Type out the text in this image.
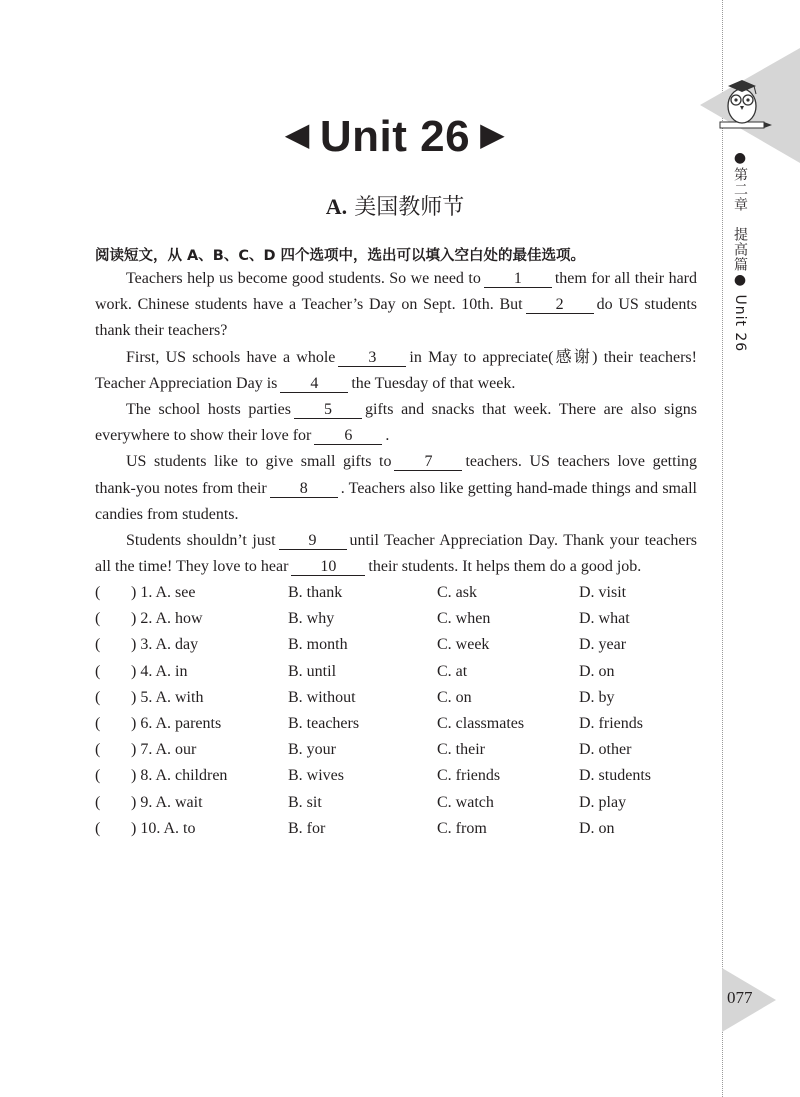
●第二章　提高篇● Unit 26
077
◀ Unit 26 ▶
A. 美国教师节
阅读短文，从 A、B、C、D 四个选项中，选出可以填入空白处的最佳选项。

Teachers help us become good students. So we need to 1 them for all their hard work. Chinese students have a Teacher’s Day on Sept. 10th. But 2 do US students thank their teachers?

First, US schools have a whole 3 in May to appreciate(感谢) their teachers! Teacher Appreciation Day is 4 the Tuesday of that week.

The school hosts parties 5 gifts and snacks that week. There are also signs everywhere to show their love for 6 .

US students like to give small gifts to 7 teachers. US teachers love getting thank-you notes from their 8 . Teachers also like getting hand-made things and small candies from students.

Students shouldn’t just 9 until Teacher Appreciation Day. Thank your teachers all the time! They love to hear 10 their students. It helps them do a good job.

( ) 1. A. see	B. thank	C. ask	D. visit
( ) 2. A. how	B. why	C. when	D. what
( ) 3. A. day	B. month	C. week	D. year
( ) 4. A. in	B. until	C. at	D. on
( ) 5. A. with	B. without	C. on	D. by
( ) 6. A. parents	B. teachers	C. classmates	D. friends
( ) 7. A. our	B. your	C. their	D. other
( ) 8. A. children	B. wives	C. friends	D. students
( ) 9. A. wait	B. sit	C. watch	D. play
( ) 10. A. to	B. for	C. from	D. on
